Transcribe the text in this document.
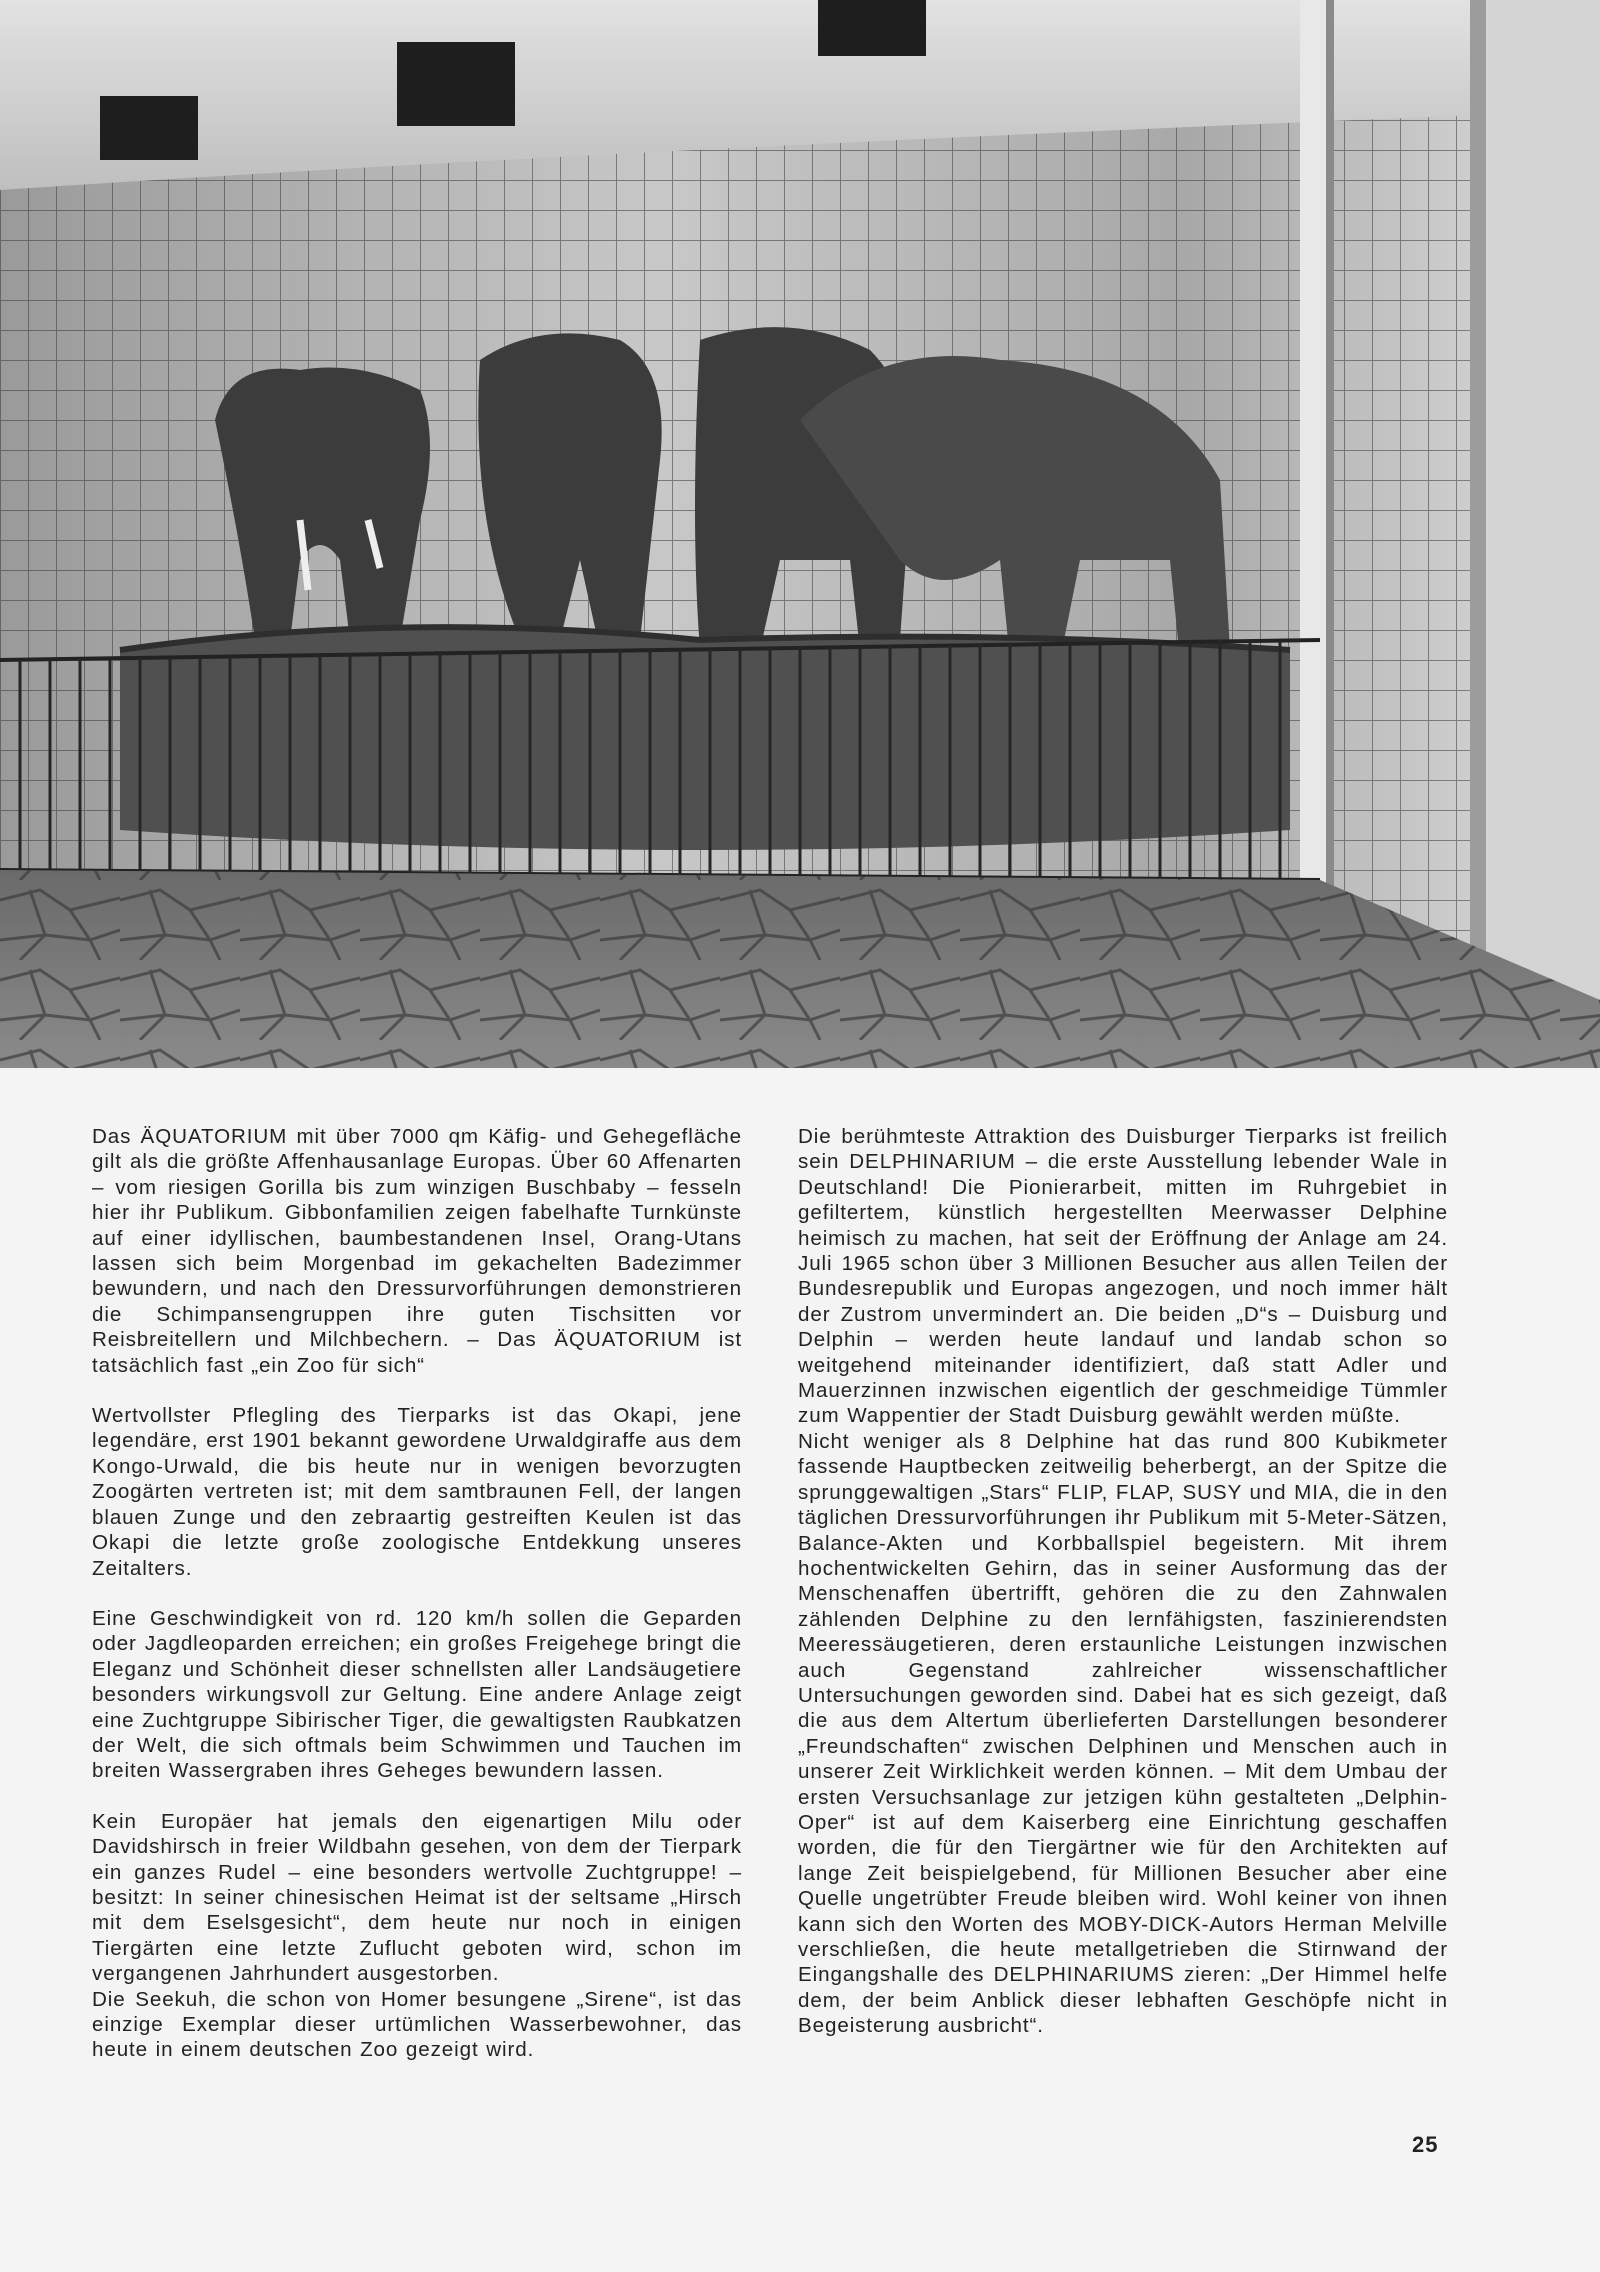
Das ÄQUATORIUM mit über 7000 qm Käfig- und Gehegefläche gilt als die größte Affenhausanlage Europas. Über 60 Affenarten – vom riesigen Gorilla bis zum winzigen Buschbaby – fesseln hier ihr Publikum. Gibbonfamilien zeigen fabelhafte Turnkünste auf einer idyllischen, baumbestandenen Insel, Orang-Utans lassen sich beim Morgenbad im gekachelten Badezimmer bewundern, und nach den Dressurvorführungen demonstrieren die Schimpansengruppen ihre guten Tischsitten vor Reisbreitellern und Milchbechern. – Das ÄQUATORIUM ist tatsächlich fast „ein Zoo für sich“

Wertvollster Pflegling des Tierparks ist das Okapi, jene legendäre, erst 1901 bekannt gewordene Urwaldgiraffe aus dem Kongo-Urwald, die bis heute nur in wenigen bevorzugten Zoogärten vertreten ist; mit dem samtbraunen Fell, der langen blauen Zunge und den zebraartig gestreiften Keulen ist das Okapi die letzte große zoologische Entdekkung unseres Zeitalters.

Eine Geschwindigkeit von rd. 120 km/h sollen die Geparden oder Jagdleoparden erreichen; ein großes Freigehege bringt die Eleganz und Schönheit dieser schnellsten aller Landsäugetiere besonders wirkungsvoll zur Geltung. Eine andere Anlage zeigt eine Zuchtgruppe Sibirischer Tiger, die gewaltigsten Raubkatzen der Welt, die sich oftmals beim Schwimmen und Tauchen im breiten Wassergraben ihres Geheges bewundern lassen.

Kein Europäer hat jemals den eigenartigen Milu oder Davidshirsch in freier Wildbahn gesehen, von dem der Tierpark ein ganzes Rudel – eine besonders wertvolle Zuchtgruppe! – besitzt: In seiner chinesischen Heimat ist der seltsame „Hirsch mit dem Eselsgesicht“, dem heute nur noch in einigen Tiergärten eine letzte Zuflucht geboten wird, schon im vergangenen Jahrhundert ausgestorben.

Die Seekuh, die schon von Homer besungene „Sirene“, ist das einzige Exemplar dieser urtümlichen Wasserbewohner, das heute in einem deutschen Zoo gezeigt wird.

Die berühmteste Attraktion des Duisburger Tierparks ist freilich sein DELPHINARIUM – die erste Ausstellung lebender Wale in Deutschland! Die Pionierarbeit, mitten im Ruhrgebiet in gefiltertem, künstlich hergestellten Meerwasser Delphine heimisch zu machen, hat seit der Eröffnung der Anlage am 24. Juli 1965 schon über 3 Millionen Besucher aus allen Teilen der Bundesrepublik und Europas angezogen, und noch immer hält der Zustrom unvermindert an. Die beiden „D“s – Duisburg und Delphin – werden heute landauf und landab schon so weitgehend miteinander identifiziert, daß statt Adler und Mauerzinnen inzwischen eigentlich der geschmeidige Tümmler zum Wappentier der Stadt Duisburg gewählt werden müßte.

Nicht weniger als 8 Delphine hat das rund 800 Kubikmeter fassende Hauptbecken zeitweilig beherbergt, an der Spitze die sprunggewaltigen „Stars“ FLIP, FLAP, SUSY und MIA, die in den täglichen Dressurvorführungen ihr Publikum mit 5-Meter-Sätzen, Balance-Akten und Korbballspiel begeistern. Mit ihrem hochentwickelten Gehirn, das in seiner Ausformung das der Menschenaffen übertrifft, gehören die zu den Zahnwalen zählenden Delphine zu den lernfähigsten, faszinierendsten Meeressäugetieren, deren erstaunliche Leistungen inzwischen auch Gegenstand zahlreicher wissenschaftlicher Untersuchungen geworden sind. Dabei hat es sich gezeigt, daß die aus dem Altertum überlieferten Darstellungen besonderer „Freundschaften“ zwischen Delphinen und Menschen auch in unserer Zeit Wirklichkeit werden können. – Mit dem Umbau der ersten Versuchsanlage zur jetzigen kühn gestalteten „Delphin-Oper“ ist auf dem Kaiserberg eine Einrichtung geschaffen worden, die für den Tiergärtner wie für den Architekten auf lange Zeit beispielgebend, für Millionen Besucher aber eine Quelle ungetrübter Freude bleiben wird. Wohl keiner von ihnen kann sich den Worten des MOBY-DICK-Autors Herman Melville verschließen, die heute metallgetrieben die Stirnwand der Eingangshalle des DELPHINARIUMS zieren: „Der Himmel helfe dem, der beim Anblick dieser lebhaften Geschöpfe nicht in Begeisterung ausbricht“.

25
